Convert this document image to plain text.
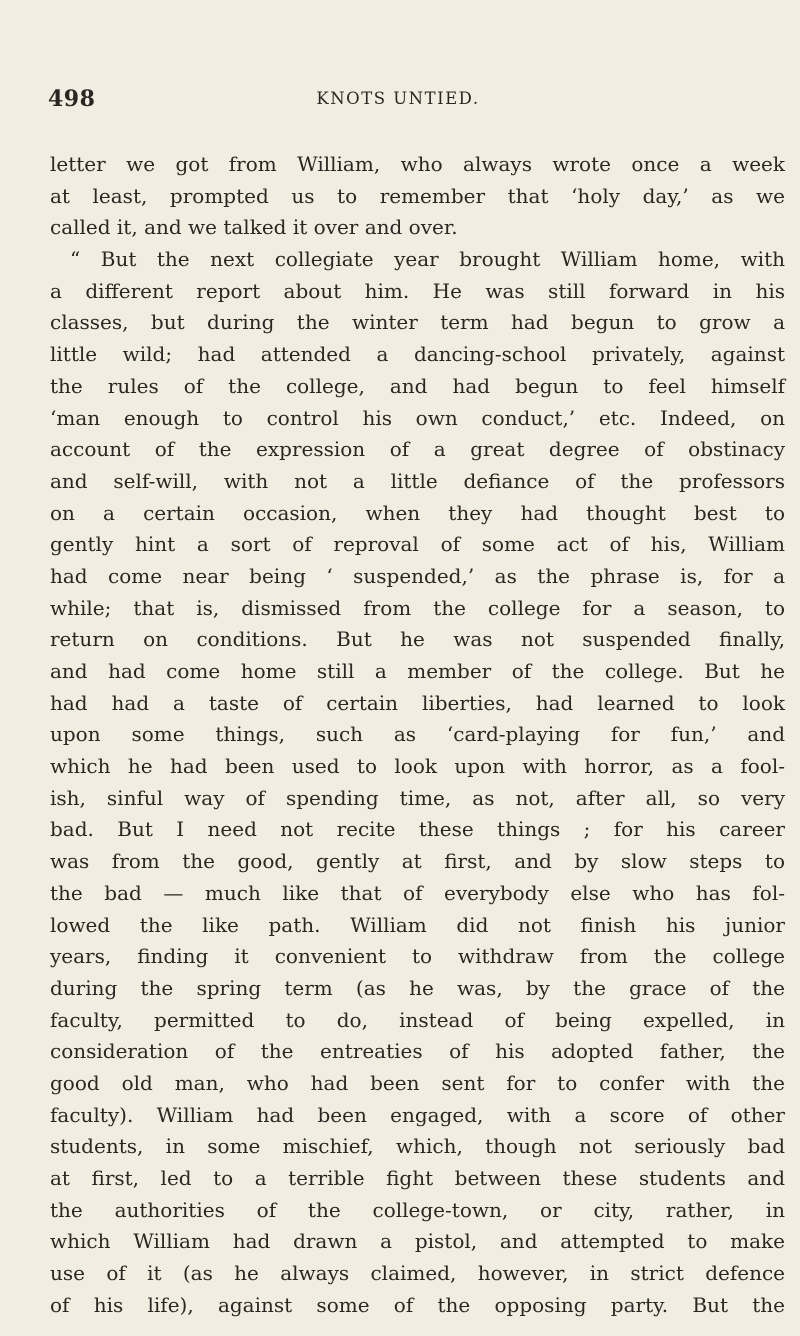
498	KNOTS UNTIED.
letter we got from William, who always wrote once a week
at least, prompted us to remember that ‘holy day,’ as we
called it, and we talked it over and over.
“ But the next collegiate year brought William home, with
a different report about him. He was still forward in his
classes, but during the winter term had begun to grow a
little wild; had attended a dancing-school privately, against
the rules of the college, and had begun to feel himself
‘man enough to control his own conduct,’ etc. Indeed, on
account of the expression of a great degree of obstinacy
and self-will, with not a little defiance of the professors
on a certain occasion, when they had thought best to
gently hint a sort of reproval of some act of his, William
had come near being ‘ suspended,’ as the phrase is, for a
while; that is, dismissed from the college for a season, to
return on conditions. But he was not suspended finally,
and had come home still a member of the college. But he
had had a taste of certain liberties, had learned to look
upon some things, such as ‘card-playing for fun,’ and
which he had been used to look upon with horror, as a fool-
ish, sinful way of spending time, as not, after all, so very
bad. But I need not recite these things ; for his career
was from the good, gently at first, and by slow steps to
the bad — much like that of everybody else who has fol-
lowed the like path. William did not finish his junior
years, finding it convenient to withdraw from the college
during the spring term (as he was, by the grace of the
faculty, permitted to do, instead of being expelled, in
consideration of the entreaties of his adopted father, the
good old man, who had been sent for to confer with the
faculty). William had been engaged, with a score of other
students, in some mischief, which, though not seriously bad
at first, led to a terrible fight between these students and
the authorities of the college-town, or city, rather, in
which William had drawn a pistol, and attempted to make
use of it (as he always claimed, however, in strict defence
of his life), against some of the opposing party. But the
